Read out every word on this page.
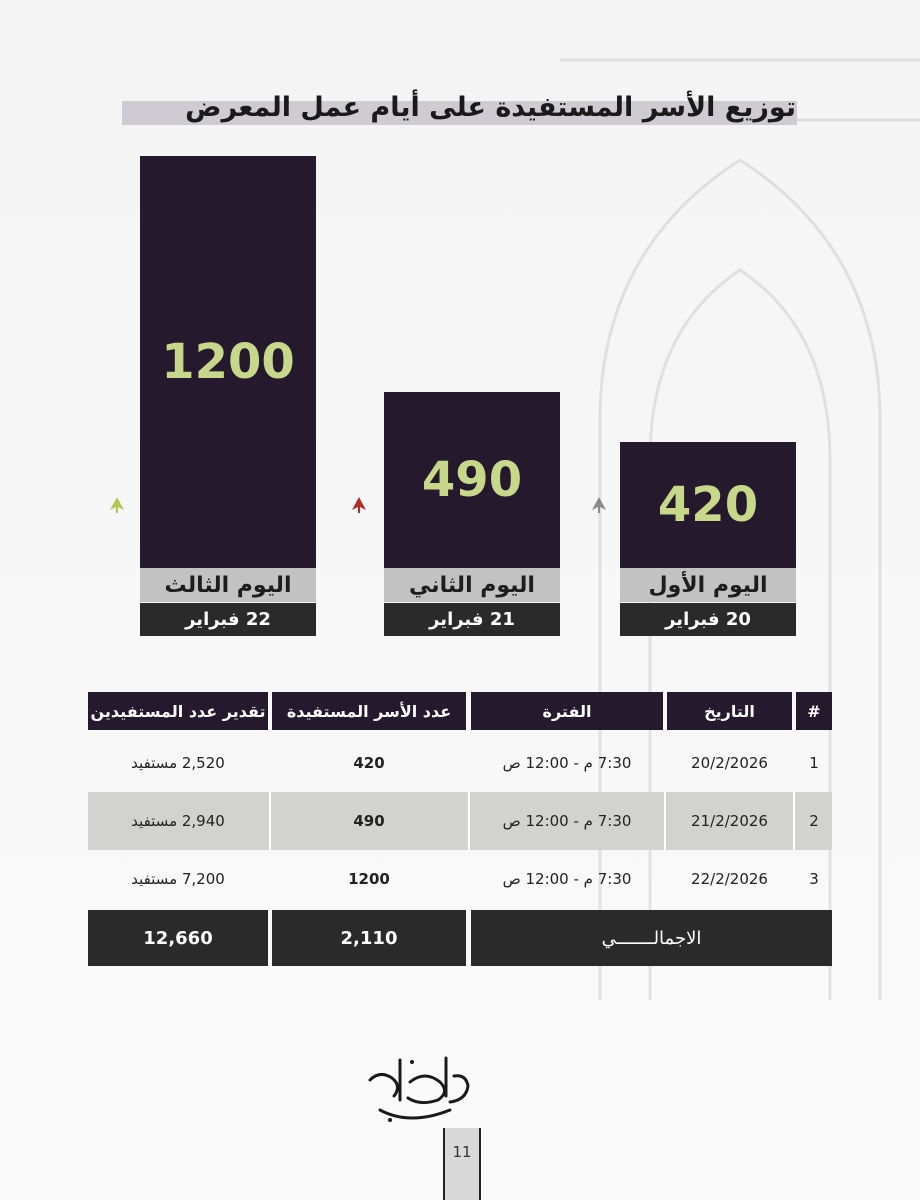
توزيع الأسر المستفيدة على أيام عمل المعرض
1200
اليوم الثالث
22 فبراير
490
اليوم الثاني
21 فبراير
420
اليوم الأول
20 فبراير
تقدير عدد المستفيدين	عدد الأسر المستفيدة	الفترة	التاريخ	#
2,520 مستفيد	420	7:30 م - 12:00 ص	20/2/2026	1
2,940 مستفيد	490	7:30 م - 12:00 ص	21/2/2026	2
7,200 مستفيد	1200	7:30 م - 12:00 ص	22/2/2026	3
12,660	2,110	الاجمالـــــــي
11
